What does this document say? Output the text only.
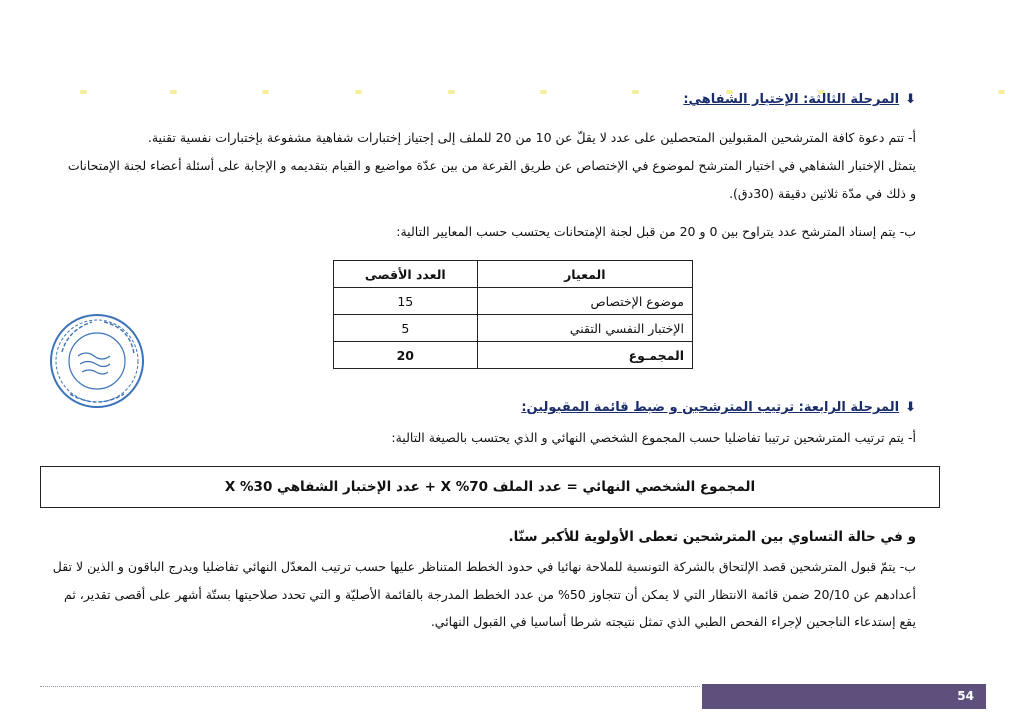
⬇
المرحلة الثالثة: الإختبار الشفاهي:
أ- تتم دعوة كافة المترشحين المقبولين المتحصلين على عدد لا يقلّ عن 10 من 20 للملف إلى إجتياز إختبارات شفاهية مشفوعة بإختبارات نفسية تقنية.
يتمثل الإختبار الشفاهي في اختيار المترشح لموضوع في الإختصاص عن طريق القرعة من بين عدّة مواضيع و القيام بتقديمه و الإجابة على أسئلة أعضاء لجنة الإمتحانات
و ذلك في مدّة ثلاثين دقيقة (30دق).
ب- يتم إسناد المترشح عدد يتراوح بين 0 و 20 من قبل لجنة الإمتحانات يحتسب حسب المعايير التالية:
المعيار	العدد الأقصى
موضوع الإختصاص	15
الإختبار النفسي التقني	5
المجمـوع	20
⬇
المرحلة الرابعة: ترتيب المترشحين و ضبط قائمة المقبولين:
أ- يتم ترتيب المترشحين ترتيبا تفاضليا حسب المجموع الشخصي النهائي و الذي يحتسب بالصيغة التالية:
المجموع الشخصي النهائي = عدد الملف 70% X + عدد الإختبار الشفاهي 30% X
و في حالة التساوي بين المترشحين تعطى الأولوية للأكبر سنّا.
ب- يتمّ قبول المترشحين قصد الإلتحاق بالشركة التونسية للملاحة نهائيا في حدود الخطط المتناظر عليها حسب ترتيب المعدّل النهائي تفاضليا ويدرج الباقون و الذين لا تقل
أعدادهم عن 20/10 ضمن قائمة الانتظار التي لا يمكن أن تتجاوز 50% من عدد الخطط المدرجة بالقائمة الأصليّة و التي تحدد صلاحيتها بستّة أشهر على أقصى تقدير، ثم
يقع إستدعاء الناجحين لإجراء الفحص الطبي الذي تمثل نتيجته شرطا أساسيا في القبول النهائي.
54
